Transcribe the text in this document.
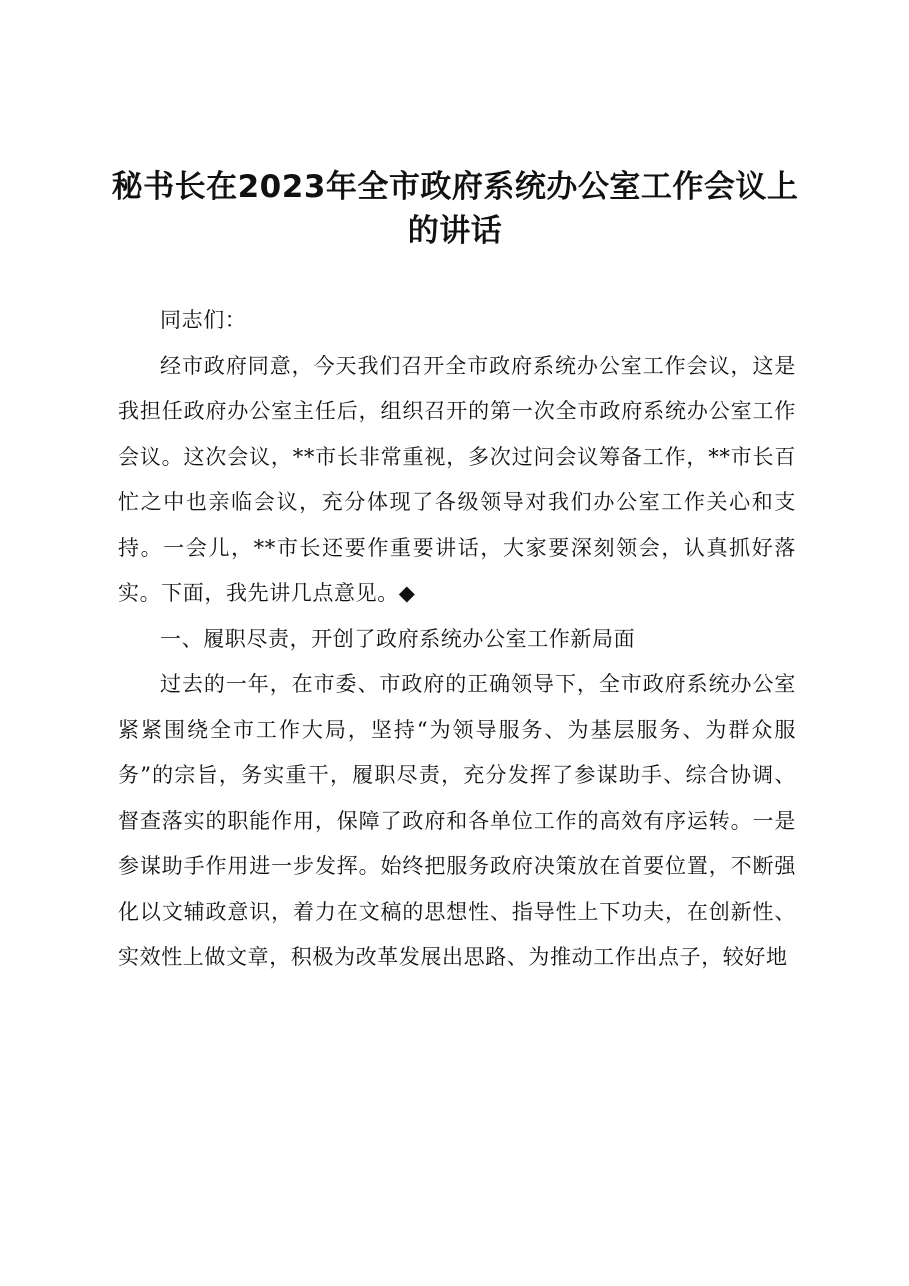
秘书长在2023年全市政府系统办公室工作会议上的讲话

同志们：

经市政府同意，今天我们召开全市政府系统办公室工作会议，这是我担任政府办公室主任后，组织召开的第一次全市政府系统办公室工作会议。这次会议，**市长非常重视，多次过问会议筹备工作，**市长百忙之中也亲临会议，充分体现了各级领导对我们办公室工作关心和支持。一会儿，**市长还要作重要讲话，大家要深刻领会，认真抓好落实。下面，我先讲几点意见。◆

一、履职尽责，开创了政府系统办公室工作新局面

过去的一年，在市委、市政府的正确领导下，全市政府系统办公室紧紧围绕全市工作大局，坚持“为领导服务、为基层服务、为群众服务”的宗旨，务实重干，履职尽责，充分发挥了参谋助手、综合协调、督查落实的职能作用，保障了政府和各单位工作的高效有序运转。一是参谋助手作用进一步发挥。始终把服务政府决策放在首要位置，不断强化以文辅政意识，着力在文稿的思想性、指导性上下功夫，在创新性、实效性上做文章，积极为改革发展出思路、为推动工作出点子，较好地
